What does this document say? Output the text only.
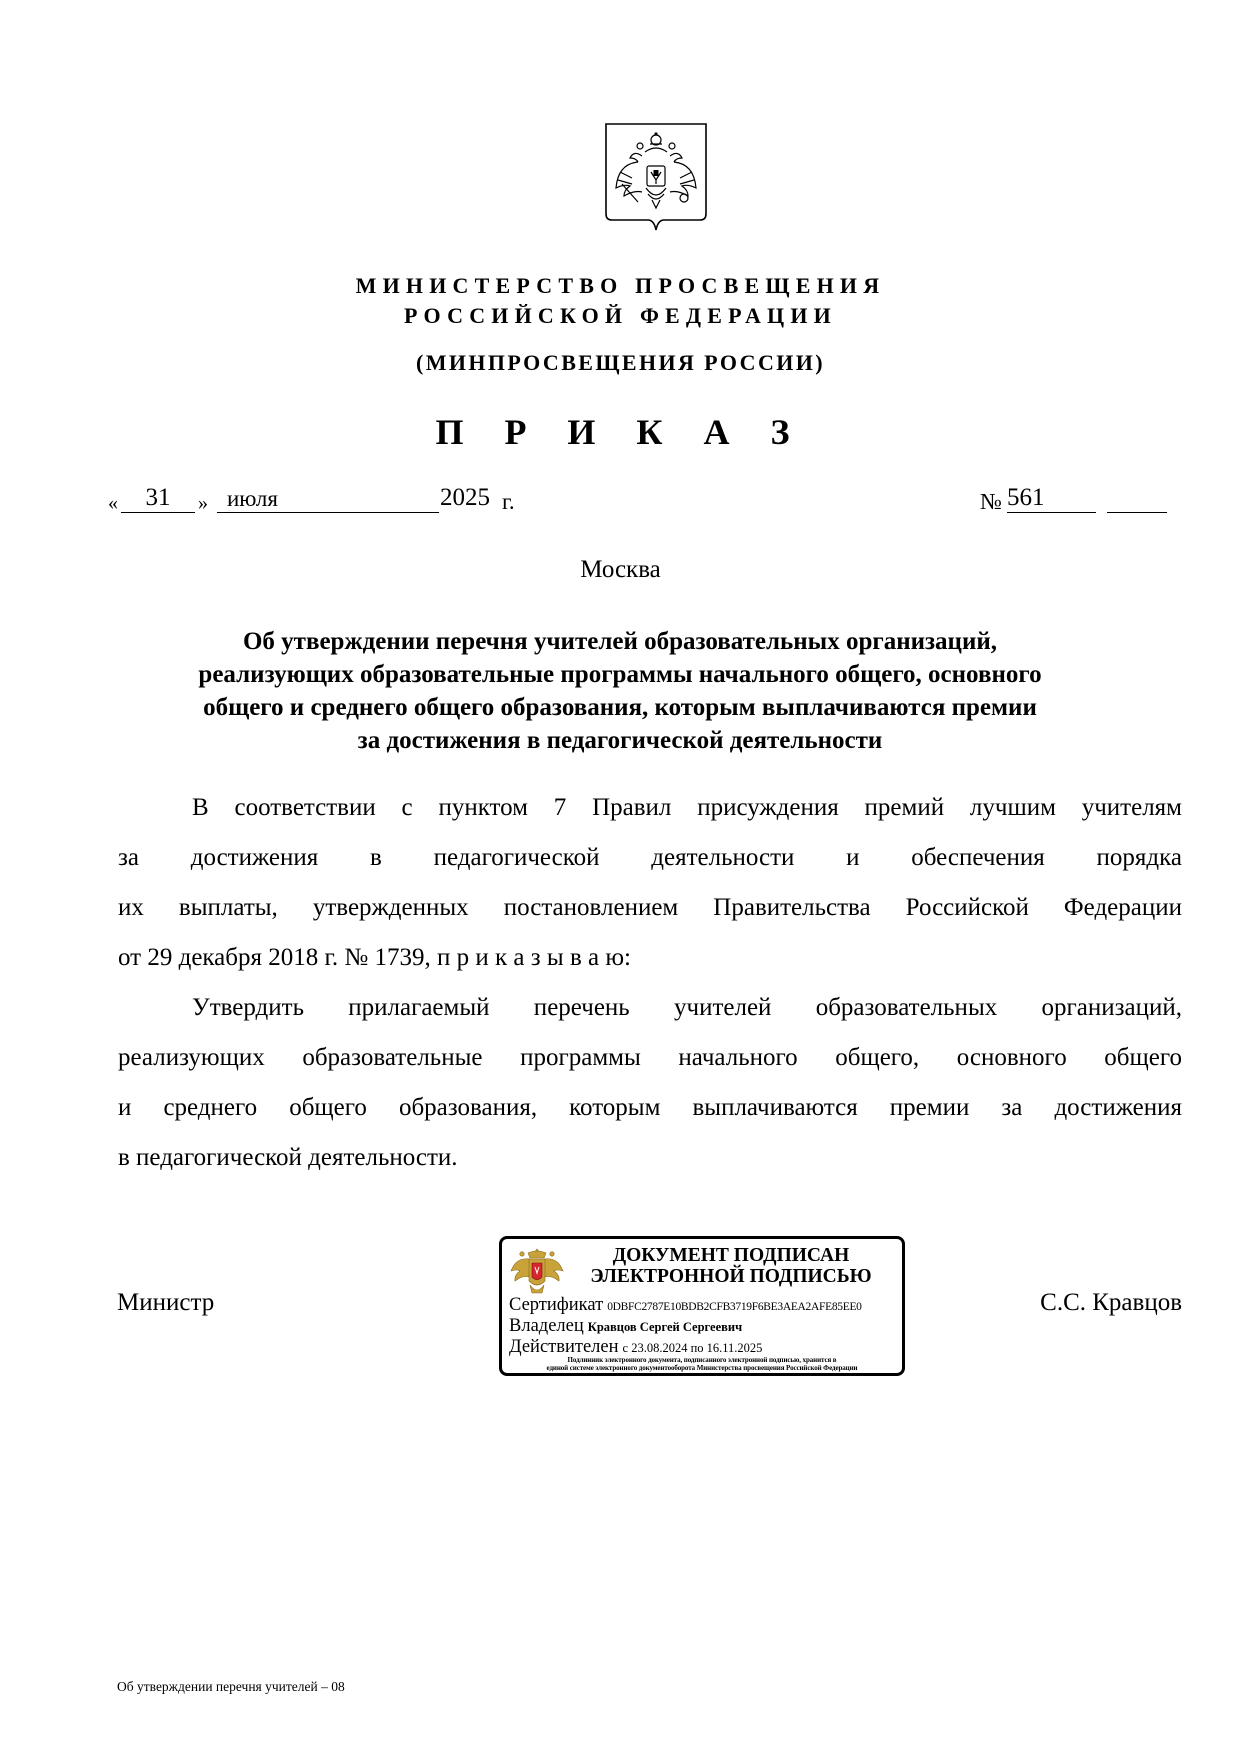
МИНИСТЕРСТВО ПРОСВЕЩЕНИЯ
РОССИЙСКОЙ ФЕДЕРАЦИИ
(МИНПРОСВЕЩЕНИЯ РОССИИ)
П Р И К А З
«	31	» июля	2025 г.	№ 561
Москва
Об утверждении перечня учителей образовательных организаций,
реализующих образовательные программы начального общего, основного
общего и среднего общего образования, которым выплачиваются премии
за достижения в педагогической деятельности
В соответствии с пунктом 7 Правил присуждения премий лучшим учителям
за достижения в педагогической деятельности и обеспечения порядка
их выплаты, утвержденных постановлением Правительства Российской Федерации
от 29 декабря 2018 г. № 1739, п р и к а з ы в а ю:
Утвердить прилагаемый перечень учителей образовательных организаций,
реализующих образовательные программы начального общего, основного общего
и среднего общего образования, которым выплачиваются премии за достижения
в педагогической деятельности.
Министр	С.С. Кравцов
ДОКУМЕНТ ПОДПИСАН
ЭЛЕКТРОННОЙ ПОДПИСЬЮ
Сертификат 0DBFC2787E10BDB2CFB3719F6BE3AEA2AFE85EE0
Владелец Кравцов Сергей Сергеевич
Действителен с 23.08.2024 по 16.11.2025
Подлинник электронного документа, подписанного электронной подписью, хранится в
единой системе электронного документооборота Министерства просвещения Российской Федерации
Об утверждении перечня учителей – 08
